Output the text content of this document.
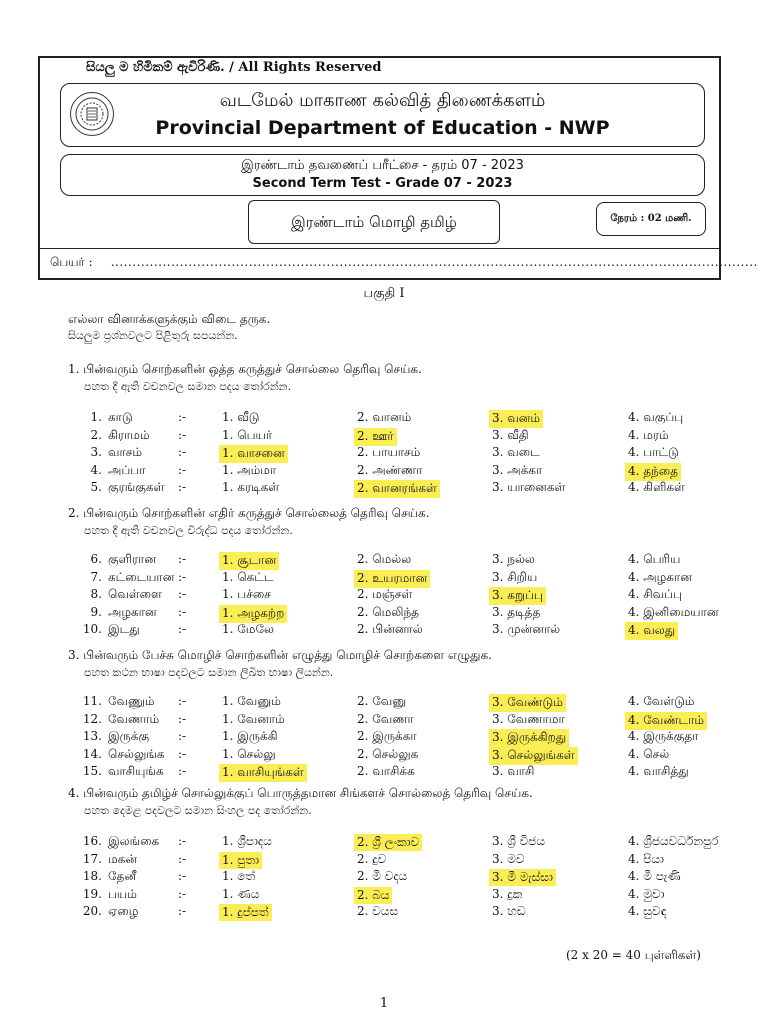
සියලු ම හිමිකම් ඇවිරිණි. / All Rights Reserved
வடமேல் மாகாண கல்வித் திணைக்களம்
Provincial Department of Education - NWP
இரண்டாம் தவணைப் பரீட்சை - தரம் 07 - 2023
Second Term Test - Grade 07 - 2023
இரண்டாம் மொழி தமிழ்	நேரம் : 02 மணி.
பெயர் : ......................................................................................................................................................
பகுதி I
எல்லா வினாக்களுக்கும் விடை தருக.
සියලුම ප්‍රශ්නවලට පිළිතුරු සපයන්න.
1. பின்வரும் சொற்களின் ஒத்த கருத்துச் சொல்லை தெரிவு செய்க.
පහත දී ඇති වචනවල සමාන පදය තෝරන්න.
1. காடு	:-	1. வீடு	2. வானம்	3. வனம்	4. வகுப்பு
2. கிராமம் :-	1. பெயர்	2. ஊர்	3. வீதி	4. மரம்
3. வாசம்	:-	1. வாசனை	2. பாயாசம்	3. வடை	4. பாட்டு
4. அப்பா	:-	1. அம்மா	2. அண்ணா	3. அக்கா	4. தந்தை
5. குரங்குகள் :-	1. கரடிகள்	2. வானரங்கள்	3. யானைகள்	4. கிளிகள்
2. பின்வரும் சொற்களின் எதிர் கருத்துச் சொல்லைத் தெரிவு செய்க.
පහත දී ඇති වචනවල විරුද්ධ පදය තෝරන්න.
6. குளிரான :-	1. சூடான	2. மெல்ல	3. நல்ல	4. பெரிய
7. கட்டையான :-	1. கெட்ட	2. உயரமான	3. சிறிய	4. அழகான
8. வெள்ளை :-	1. பச்சை	2. மஞ்சள்	3. கறுப்பு	4. சிவப்பு
9. அழகான :-	1. அழகற்ற	2. மெலிந்த	3. தடித்த	4. இனிமையான
10. இடது	:-	1. மேலே	2. பின்னால்	3. முன்னால்	4. வலது
3. பின்வரும் பேச்சு மொழிச் சொற்களின் எழுத்து மொழிச் சொற்களை எழுதுக.
පහත කථන භාෂා පදවලට සමාන ලිඛිත භාෂා ලියන්න.
11. வேணும் :-	1. வேனும்	2. வேனு	3. வேண்டும்	4. வேள்டும்
12. வேணாம் :-	1. வேனாம்	2. வேணா	3. வேணாமா	4. வேண்டாம்
13. இருக்கு :-	1. இருக்கி	2. இருக்கா	3. இருக்கிறது	4. இருக்குதா
14. செல்லுங்க :-	1. செல்லு	2. செல்லுக	3. செல்லுங்கள்	4. செல்
15. வாசியுங்க :-	1. வாசியுங்கள்	2. வாசிக்க	3. வாசி	4. வாசித்து
4. பின்வரும் தமிழ்ச் சொல்லுக்குப் பொருத்தமான சிங்களச் சொல்லைத் தெரிவு செய்க.
පහත දෙමළ පදවලට සමාන සිංහල පද තෝරන්න.
16. இலங்கை :-	1. ශ්‍රීපාදය	2. ශ්‍රී ලංකාව	3. ශ්‍රී විජය	4. ශ්‍රීජයවර්ධනපුර
17. மகன்	:-	1. පුතා	2. දුව	3. මව	4. පියා
18. தேனீ	:-	1. තේ	2. මී වදය	3. මී මැස්සා	4. මී පැණි
19. பயம்	:-	1. ණය	2. බය	3. දුක	4. මුවා
20. ஏழை	:-	1. දුප්පත්	2. වයස	3. හඩ	4. සුවඳ
(2 x 20 = 40 புள்ளிகள்)
1
